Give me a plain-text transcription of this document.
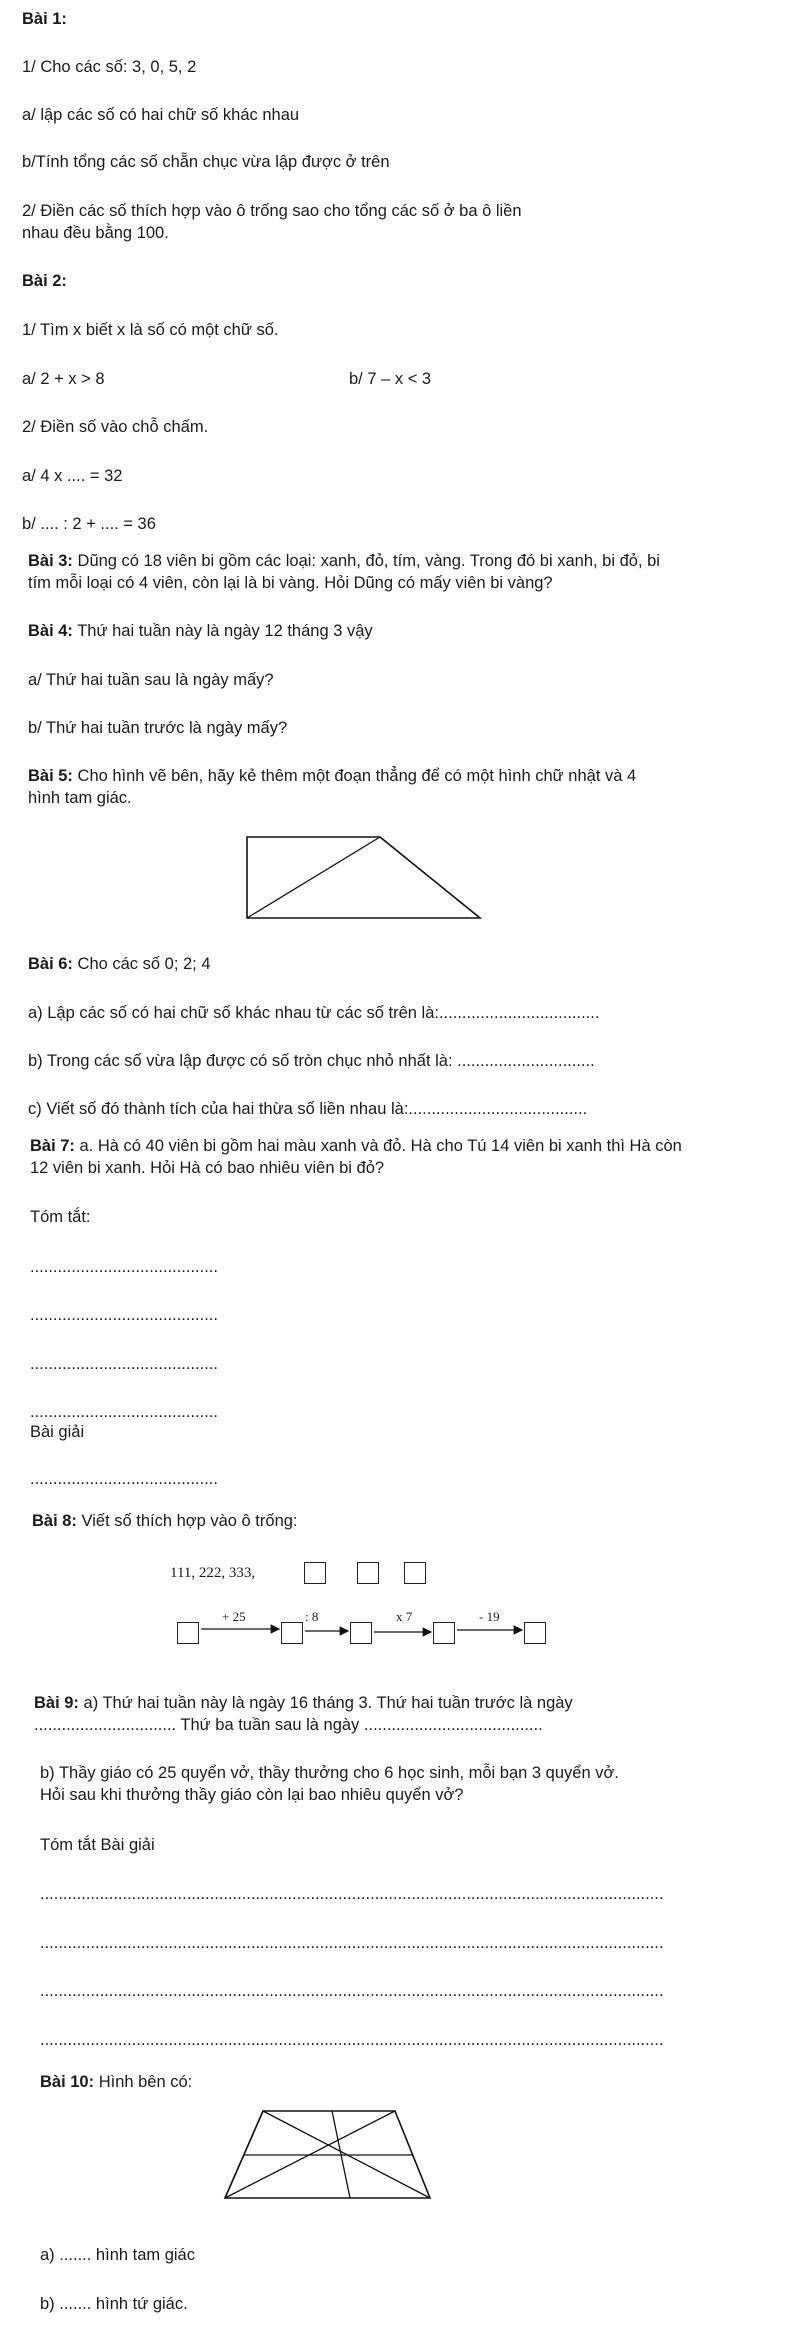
Bài 1:
1/ Cho các số: 3, 0, 5, 2
a/ lập các số có hai chữ số khác nhau
b/Tính tổng các số chẵn chục vừa lập được ở trên
2/ Điền các số thích hợp vào ô trống sao cho tổng các số ở ba ô liền
nhau đều bằng 100.
Bài 2:
1/ Tìm x biết x là số có một chữ số.
a/ 2 + x > 8	b/ 7 – x < 3
2/ Điền số vào chỗ chấm.
a/ 4 x .... = 32
b/ .... : 2 + .... = 36
Bài 3: Dũng có 18 viên bi gồm các loại: xanh, đỏ, tím, vàng. Trong đó bi xanh, bi đỏ, bi
tím mỗi loại có 4 viên, còn lại là bi vàng. Hỏi Dũng có mấy viên bi vàng?
Bài 4: Thứ hai tuần này là ngày 12 tháng 3 vậy
a/ Thứ hai tuần sau là ngày mấy?
b/ Thứ hai tuần trước là ngày mấy?
Bài 5: Cho hình vẽ bên, hãy kẻ thêm một đoạn thẳng để có một hình chữ nhật và 4
hình tam giác.
Bài 6: Cho các số 0; 2; 4
a) Lập các số có hai chữ số khác nhau từ các số trên là:...................................
b) Trong các số vừa lập được có số tròn chục nhỏ nhất là: ..............................
c) Viết số đó thành tích của hai thừa số liền nhau là:.......................................
Bài 7: a. Hà có 40 viên bi gồm hai màu xanh và đỏ. Hà cho Tú 14 viên bi xanh thì Hà còn
12 viên bi xanh. Hỏi Hà có bao nhiêu viên bi đỏ?
Tóm tắt:
.........................................
.........................................
.........................................
.........................................
Bài giải
.........................................
Bài 8: Viết số thích hợp vào ô trống:
111, 222, 333,
+ 25	: 8	x 7	- 19
Bài 9: a) Thứ hai tuần này là ngày 16 tháng 3. Thứ hai tuần trước là ngày
............................... Thứ ba tuần sau là ngày .......................................
b) Thầy giáo có 25 quyển vở, thầy thưởng cho 6 học sinh, mỗi bạn 3 quyển vở.
Hỏi sau khi thưởng thầy giáo còn lại bao nhiêu quyển vở?
Tóm tắt Bài giải
........................................................................................................................................
........................................................................................................................................
........................................................................................................................................
........................................................................................................................................
Bài 10: Hình bên có:
a) ....... hình tam giác
b) ....... hình tứ giác.
